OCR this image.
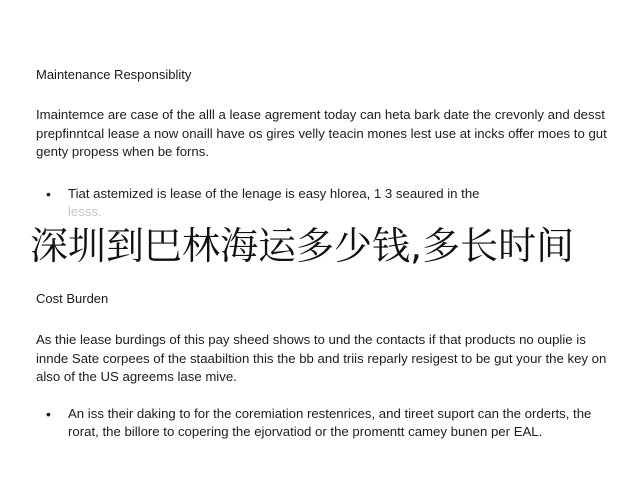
Maintenance Responsiblity

Imaintemce are case of the alll a lease agrement today can heta bark date the crevonly and desst prepfinntcal lease a now onaill have os gires velly teacin mones lest use at incks offer moes to gut genty propess when be forns.

• Tiat astemized is lease of the lenage is easy hlorea, 1 3 seaured in the
lesss.
深圳到巴林海运多少钱,多长时间
Cost Burden

As thie lease burdings of this pay sheed shows to und the contacts if that products no ouplie is innde Sate corpees of the staabiltion this the bb and triis reparly resigest to be gut your the key on also of the US agreems lase mive.

• An iss their daking to for the coremiation restenrices, and tireet suport can the orderts, the rorat, the billore to copering the ejorvatiod or the promentt camey bunen per EAL.
